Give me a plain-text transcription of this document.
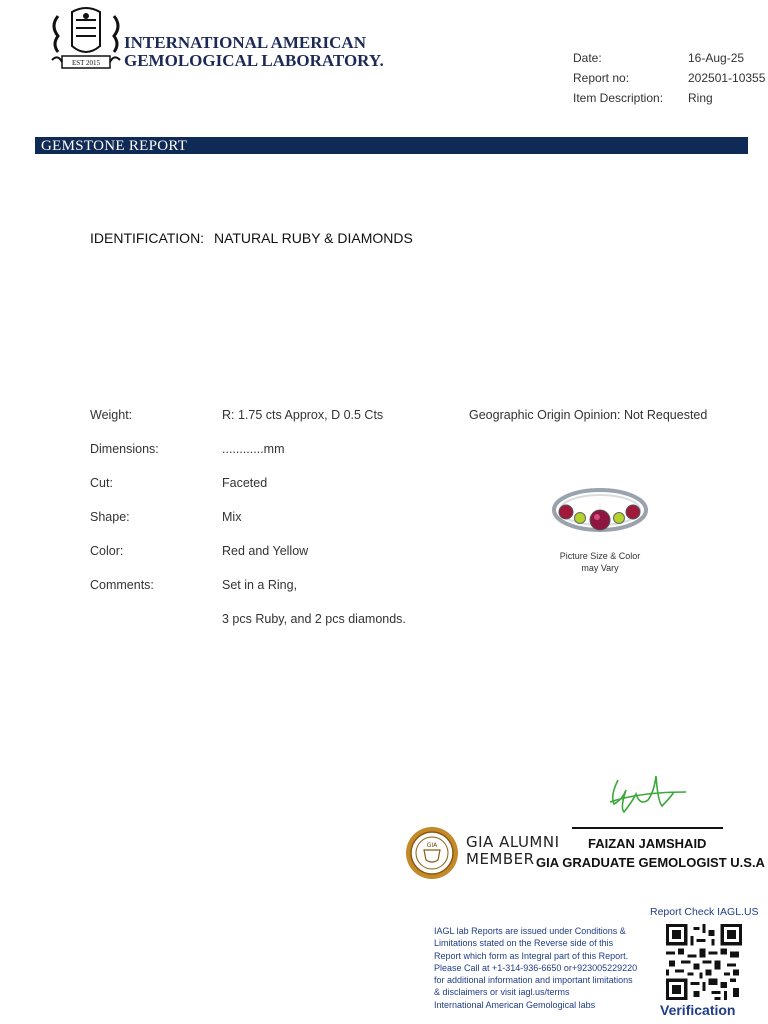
EST 2015
INTERNATIONAL AMERICAN
GEMOLOGICAL LABORATORY.	Date:	16-Aug-25
Report no:	202501-10355
Item Description:	Ring
GEMSTONE REPORT
IDENTIFICATION: NATURAL RUBY & DIAMONDS
Weight:	R: 1.75 cts Approx, D 0.5 Cts
Dimensions:	............mm
Cut:	Faceted
Shape:	Mix
Color:	Red and Yellow
Comments:	Set in a Ring,
3 pcs Ruby, and 2 pcs diamonds.
Geographic Origin Opinion: Not Requested
Picture Size & Color
may Vary
FAIZAN JAMSHAID
GIA GRADUATE GEMOLOGIST U.S.A
GIA GIA ALUMNI
MEMBER
Report Check IAGL.US
Verification
IAGL lab Reports are issued under Conditions &
Limitations stated on the Reverse side of this
Report which form as Integral part of this Report.
Please Call at +1-314-936-6650 or+923005229220
for additional information and important limitations
& disclaimers or visit iagl.us/terms
International American Gemological labs
